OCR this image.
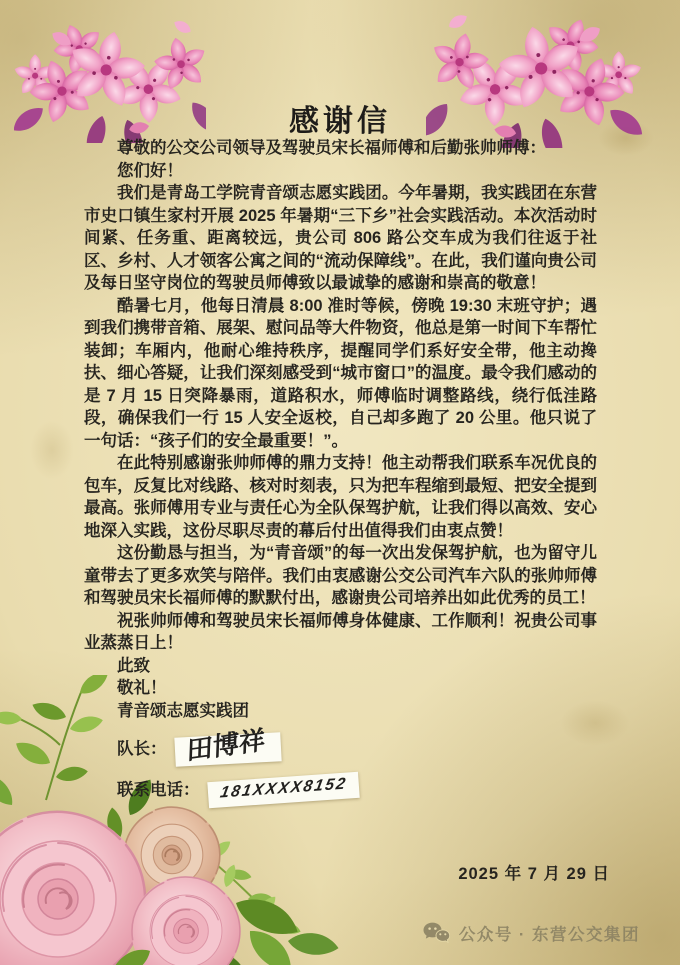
感谢信

尊敬的公交公司领导及驾驶员宋长福师傅和后勤张帅师傅：

您们好！

我们是青岛工学院青音颂志愿实践团。今年暑期，我实践团在东营市史口镇生家村开展 2025 年暑期“三下乡”社会实践活动。本次活动时间紧、任务重、距离较远，贵公司 806 路公交车成为我们往返于社区、乡村、人才领客公寓之间的“流动保障线”。在此，我们谨向贵公司及每日坚守岗位的驾驶员师傅致以最诚挚的感谢和崇高的敬意！

酷暑七月，他每日清晨 8:00 准时等候，傍晚 19:30 末班守护；遇到我们携带音箱、展架、慰问品等大件物资，他总是第一时间下车帮忙装卸；车厢内，他耐心维持秩序，提醒同学们系好安全带，他主动搀扶、细心答疑，让我们深刻感受到“城市窗口”的温度。最令我们感动的是 7 月 15 日突降暴雨，道路积水，师傅临时调整路线，绕行低洼路段，确保我们一行 15 人安全返校，自己却多跑了 20 公里。他只说了一句话：“孩子们的安全最重要！”。

在此特别感谢张帅师傅的鼎力支持！他主动帮我们联系车况优良的包车，反复比对线路、核对时刻表，只为把车程缩到最短、把安全提到最高。张师傅用专业与责任心为全队保驾护航，让我们得以高效、安心地深入实践，这份尽职尽责的幕后付出值得我们由衷点赞！

这份勤恳与担当，为“青音颂”的每一次出发保驾护航，也为留守儿童带去了更多欢笑与陪伴。我们由衷感谢公交公司汽车六队的张帅师傅和驾驶员宋长福师傅的默默付出，感谢贵公司培养出如此优秀的员工！

祝张帅师傅和驾驶员宋长福师傅身体健康、工作顺利！祝贵公司事业蒸蒸日上！

此致

敬礼！

青音颂志愿实践团

队长： 田博祥
联系电话：	181XXXX8152
2025 年 7 月 29 日
公众号 · 东营公交集团
